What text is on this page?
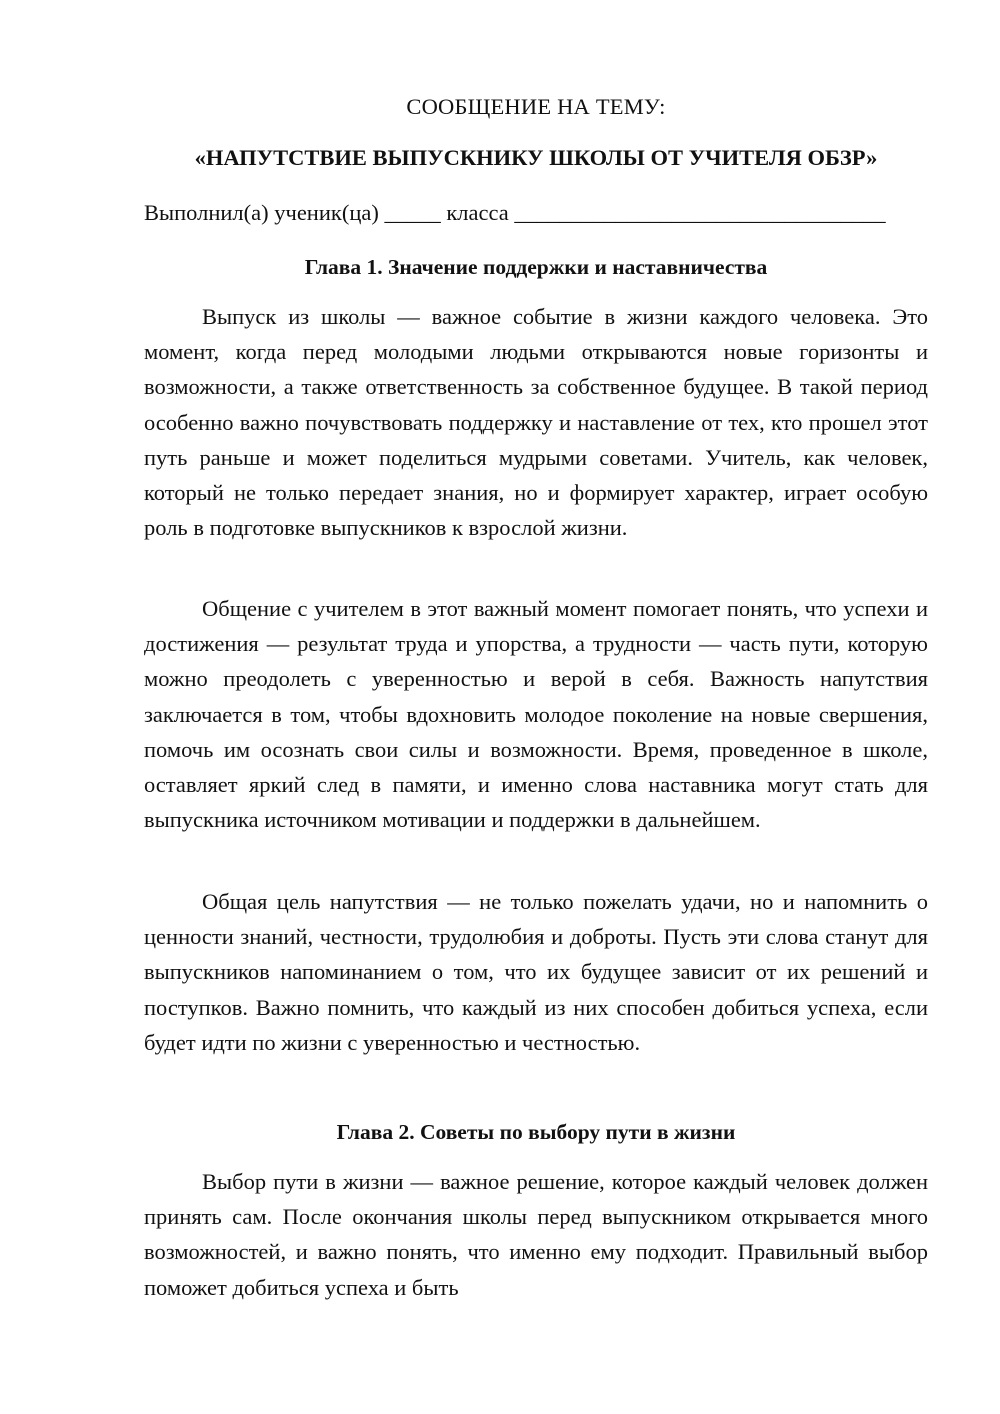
СООБЩЕНИЕ НА ТЕМУ:
«НАПУТСТВИЕ ВЫПУСКНИКУ ШКОЛЫ ОТ УЧИТЕЛЯ ОБЗР»
Выполнил(а) ученик(ца) _____ класса _________________________________
Глава 1. Значение поддержки и наставничества

Выпуск из школы — важное событие в жизни каждого человека. Это момент, когда перед молодыми людьми открываются новые горизонты и возможности, а также ответственность за собственное будущее. В такой период особенно важно почувствовать поддержку и наставление от тех, кто прошел этот путь раньше и может поделиться мудрыми советами. Учитель, как человек, который не только передает знания, но и формирует характер, играет особую роль в подготовке выпускников к взрослой жизни.

Общение с учителем в этот важный момент помогает понять, что успехи и достижения — результат труда и упорства, а трудности — часть пути, которую можно преодолеть с уверенностью и верой в себя. Важность напутствия заключается в том, чтобы вдохновить молодое поколение на новые свершения, помочь им осознать свои силы и возможности. Время, проведенное в школе, оставляет яркий след в памяти, и именно слова наставника могут стать для выпускника источником мотивации и поддержки в дальнейшем.

Общая цель напутствия — не только пожелать удачи, но и напомнить о ценности знаний, честности, трудолюбия и доброты. Пусть эти слова станут для выпускников напоминанием о том, что их будущее зависит от их решений и поступков. Важно помнить, что каждый из них способен добиться успеха, если будет идти по жизни с уверенностью и честностью.

Глава 2. Советы по выбору пути в жизни

Выбор пути в жизни — важное решение, которое каждый человек должен принять сам. После окончания школы перед выпускником открывается много возможностей, и важно понять, что именно ему подходит. Правильный выбор поможет добиться успеха и быть
